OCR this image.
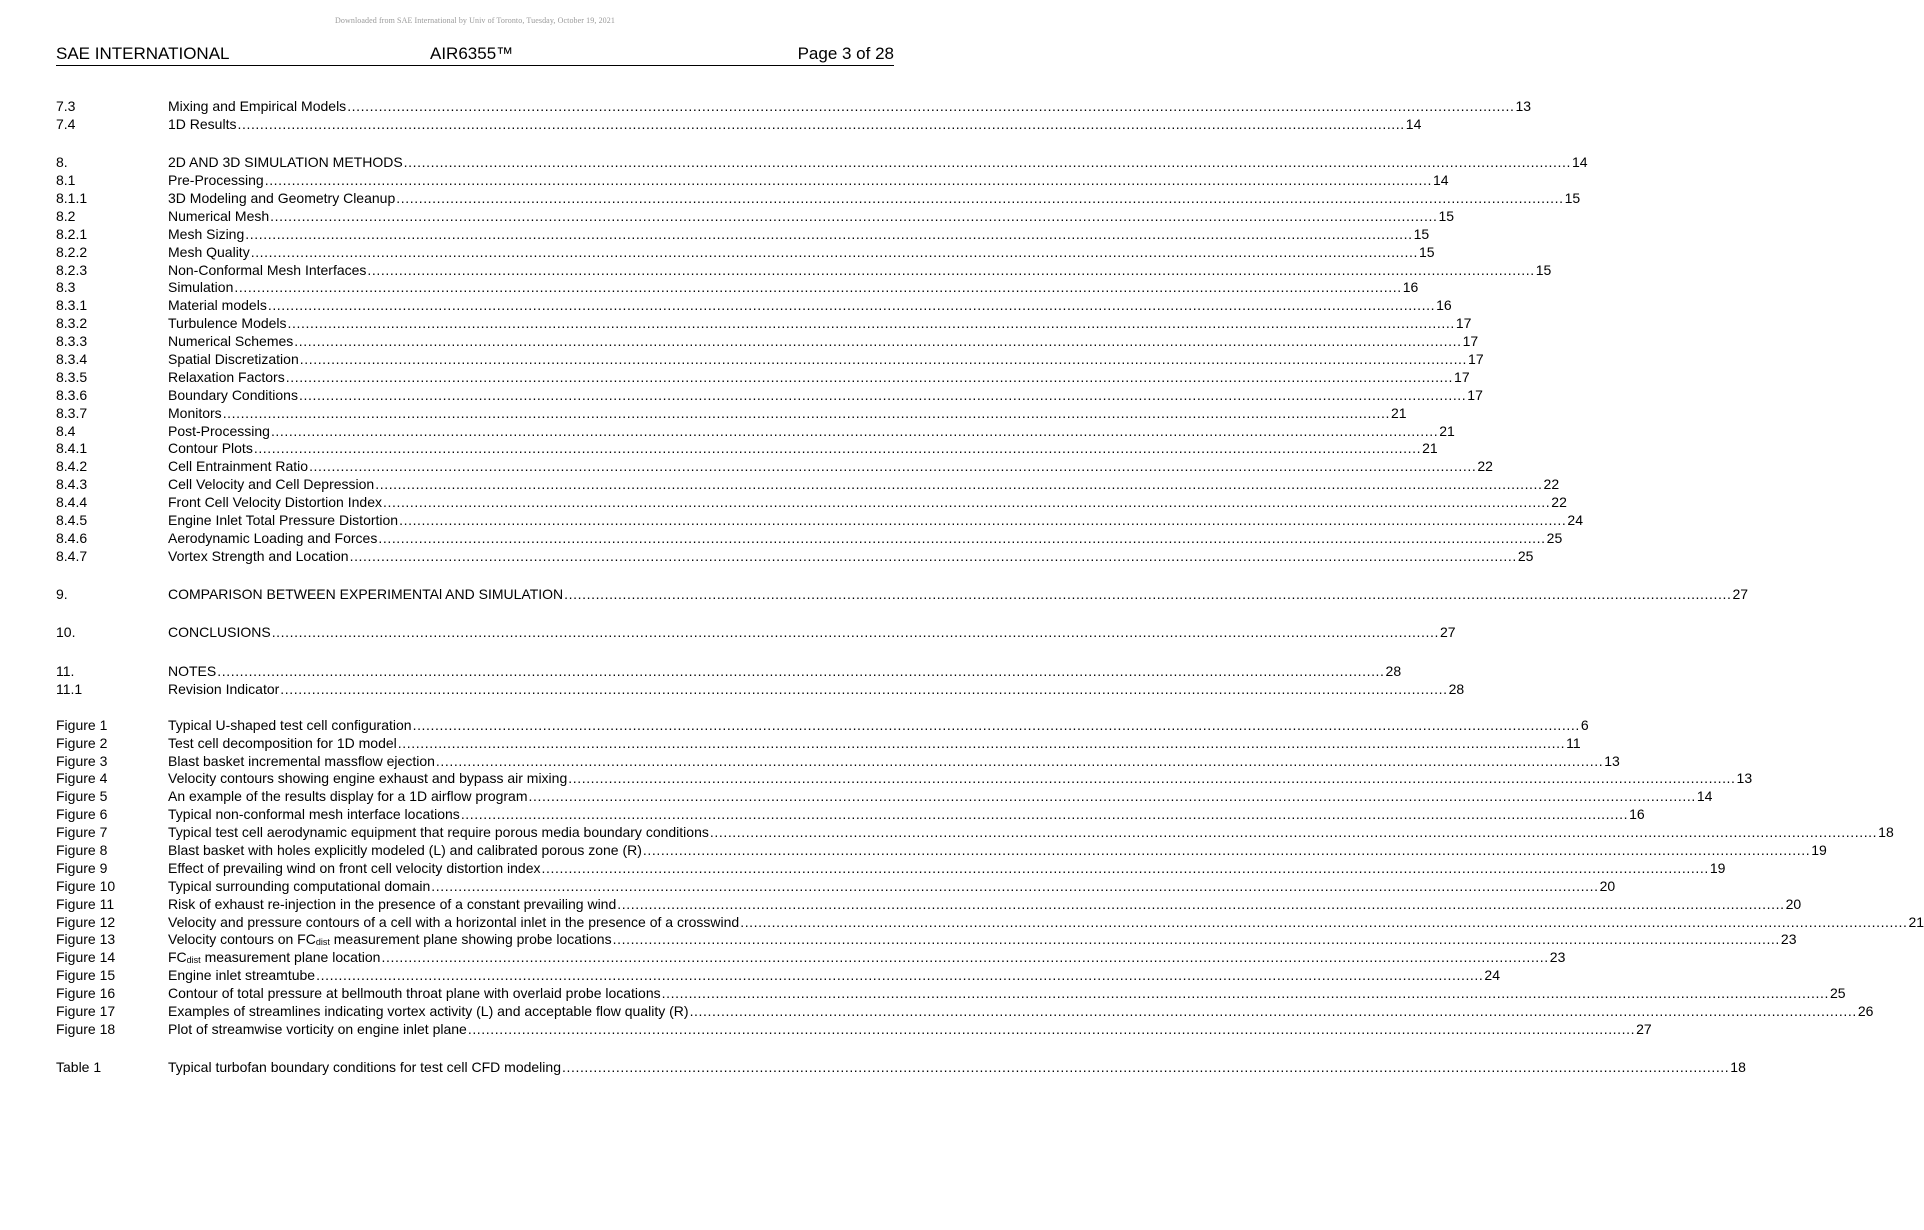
Downloaded from SAE International by Univ of Toronto, Tuesday, October 19, 2021
SAE INTERNATIONAL	AIR6355™	Page 3 of 28
7.3	Mixing and Empirical Models .................................................................................................................................................................................................................................................................... 13
7.4	1D Results .................................................................................................................................................................................................................................................................... 14
8.	2D AND 3D SIMULATION METHODS .................................................................................................................................................................................................................................................................... 14
8.1	Pre-Processing .................................................................................................................................................................................................................................................................... 14
8.1.1	3D Modeling and Geometry Cleanup .................................................................................................................................................................................................................................................................... 15
8.2	Numerical Mesh .................................................................................................................................................................................................................................................................... 15
8.2.1	Mesh Sizing .................................................................................................................................................................................................................................................................... 15
8.2.2	Mesh Quality .................................................................................................................................................................................................................................................................... 15
8.2.3	Non-Conformal Mesh Interfaces .................................................................................................................................................................................................................................................................... 15
8.3	Simulation .................................................................................................................................................................................................................................................................... 16
8.3.1	Material models .................................................................................................................................................................................................................................................................... 16
8.3.2	Turbulence Models .................................................................................................................................................................................................................................................................... 17
8.3.3	Numerical Schemes .................................................................................................................................................................................................................................................................... 17
8.3.4	Spatial Discretization .................................................................................................................................................................................................................................................................... 17
8.3.5	Relaxation Factors .................................................................................................................................................................................................................................................................... 17
8.3.6	Boundary Conditions .................................................................................................................................................................................................................................................................... 17
8.3.7	Monitors .................................................................................................................................................................................................................................................................... 21
8.4	Post-Processing .................................................................................................................................................................................................................................................................... 21
8.4.1	Contour Plots .................................................................................................................................................................................................................................................................... 21
8.4.2	Cell Entrainment Ratio .................................................................................................................................................................................................................................................................... 22
8.4.3	Cell Velocity and Cell Depression .................................................................................................................................................................................................................................................................... 22
8.4.4	Front Cell Velocity Distortion Index .................................................................................................................................................................................................................................................................... 22
8.4.5	Engine Inlet Total Pressure Distortion .................................................................................................................................................................................................................................................................... 24
8.4.6	Aerodynamic Loading and Forces .................................................................................................................................................................................................................................................................... 25
8.4.7	Vortex Strength and Location .................................................................................................................................................................................................................................................................... 25
9.	COMPARISON BETWEEN EXPERIMENTAl AND SIMULATION .................................................................................................................................................................................................................................................................... 27
10.	CONCLUSIONS .................................................................................................................................................................................................................................................................... 27
11.	NOTES .................................................................................................................................................................................................................................................................... 28
11.1	Revision Indicator .................................................................................................................................................................................................................................................................... 28
Figure 1	Typical U-shaped test cell configuration .................................................................................................................................................................................................................................................................... 6
Figure 2	Test cell decomposition for 1D model .................................................................................................................................................................................................................................................................... 11
Figure 3	Blast basket incremental massflow ejection .................................................................................................................................................................................................................................................................... 13
Figure 4	Velocity contours showing engine exhaust and bypass air mixing .................................................................................................................................................................................................................................................................... 13
Figure 5	An example of the results display for a 1D airflow program .................................................................................................................................................................................................................................................................... 14
Figure 6	Typical non-conformal mesh interface locations .................................................................................................................................................................................................................................................................... 16
Figure 7	Typical test cell aerodynamic equipment that require porous media boundary conditions .................................................................................................................................................................................................................................................................... 18
Figure 8	Blast basket with holes explicitly modeled (L) and calibrated porous zone (R) .................................................................................................................................................................................................................................................................... 19
Figure 9	Effect of prevailing wind on front cell velocity distortion index .................................................................................................................................................................................................................................................................... 19
Figure 10	Typical surrounding computational domain .................................................................................................................................................................................................................................................................... 20
Figure 11	Risk of exhaust re-injection in the presence of a constant prevailing wind .................................................................................................................................................................................................................................................................... 20
Figure 12	Velocity and pressure contours of a cell with a horizontal inlet in the presence of a crosswind .................................................................................................................................................................................................................................................................... 21
Figure 13	Velocity contours on $FC_{dist}$ measurement plane showing probe locations .................................................................................................................................................................................................................................................................... 23
Figure 14	$FC_{dist}$ measurement plane location .................................................................................................................................................................................................................................................................... 23
Figure 15	Engine inlet streamtube .................................................................................................................................................................................................................................................................... 24
Figure 16	Contour of total pressure at bellmouth throat plane with overlaid probe locations .................................................................................................................................................................................................................................................................... 25
Figure 17	Examples of streamlines indicating vortex activity (L) and acceptable flow quality (R) .................................................................................................................................................................................................................................................................... 26
Figure 18	Plot of streamwise vorticity on engine inlet plane .................................................................................................................................................................................................................................................................... 27
Table 1	Typical turbofan boundary conditions for test cell CFD modeling .................................................................................................................................................................................................................................................................... 18
